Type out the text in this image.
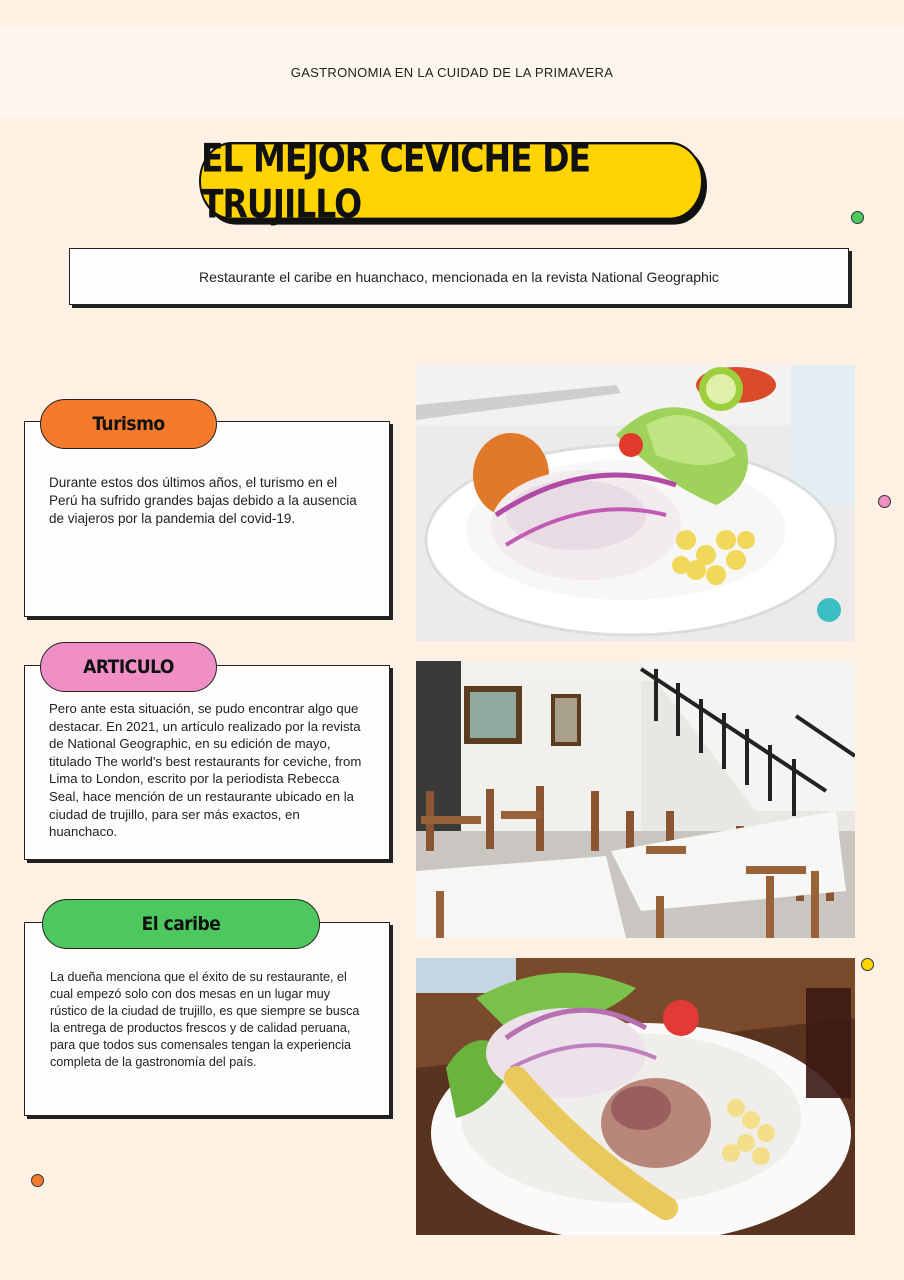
GASTRONOMIA EN LA CUIDAD DE LA PRIMAVERA
EL MEJOR CEVICHE DE TRUJILLO
Restaurante el caribe en huanchaco, mencionada en la revista National Geographic

Durante estos dos últimos años, el turismo en el Perú ha sufrido grandes bajas debido a la ausencia de viajeros por la pandemia del covid-19.

Turismo

Pero ante esta situación, se pudo encontrar algo que destacar. En 2021, un artículo realizado por la revista de National Geographic, en su edición de mayo, titulado The world's best restaurants for ceviche, from Lima to London, escrito por la periodista Rebecca Seal, hace mención de un restaurante ubicado en la ciudad de trujillo, para ser más exactos, en huanchaco.

ARTICULO

La dueña menciona que el éxito de su restaurante, el cual empezó solo con dos mesas en un lugar muy rústico de la ciudad de trujillo, es que siempre se busca la entrega de productos frescos y de calidad peruana, para que todos sus comensales tengan la experiencia completa de la gastronomía del país.

El caribe
